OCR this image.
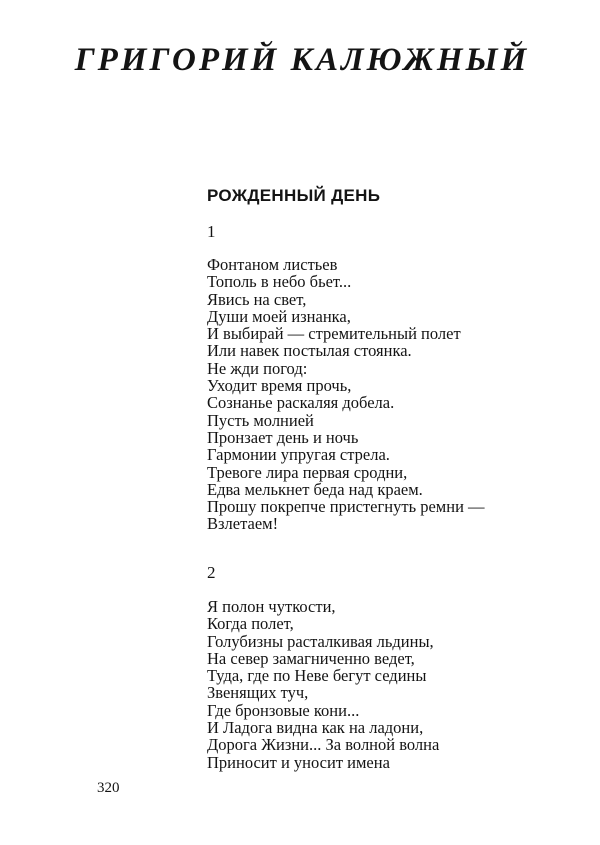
ГРИГОРИЙ КАЛЮЖНЫЙ
РОЖДЕННЫЙ ДЕНЬ

1

Фонтаном листьев
Тополь в небо бьет...
Явись на свет,
Души моей изнанка,
И выбирай — стремительный полет
Или навек постылая стоянка.
Не жди погод:
Уходит время прочь,
Сознанье раскаляя добела.
Пусть молнией
Пронзает день и ночь
Гармонии упругая стрела.
Тревоге лира первая сродни,
Едва мелькнет беда над краем.
Прошу покрепче пристегнуть ремни —
Взлетаем!

2

Я полон чуткости,
Когда полет,
Голубизны расталкивая льдины,
На север замагниченно ведет,
Туда, где по Неве бегут седины
Звенящих туч,
Где бронзовые кони...
И Ладога видна как на ладони,
Дорога Жизни... За волной волна
Приносит и уносит имена

320
